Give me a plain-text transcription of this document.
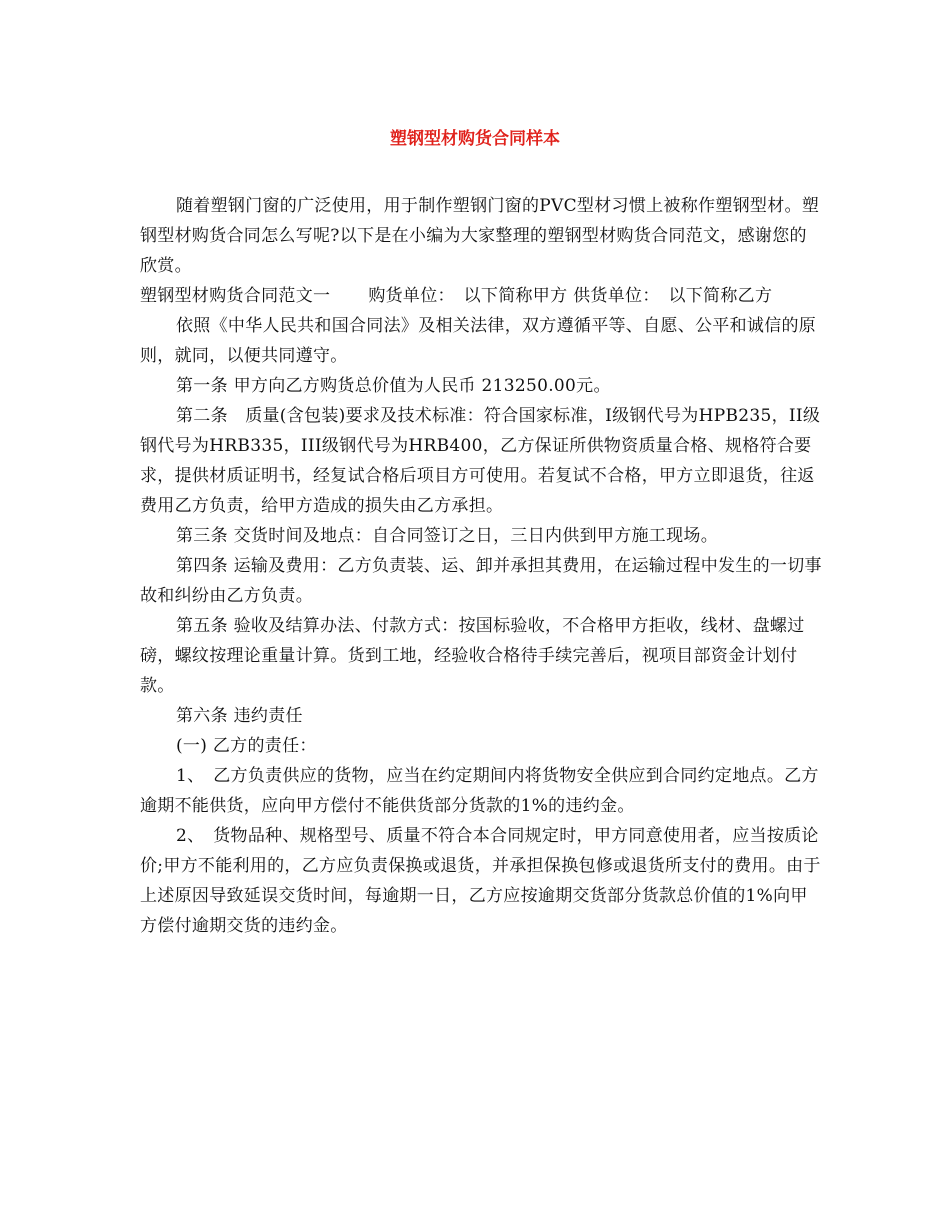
塑钢型材购货合同样本

随着塑钢门窗的广泛使用，用于制作塑钢门窗的PVC型材习惯上被称作塑钢型材。塑钢型材购货合同怎么写呢?以下是在小编为大家整理的塑钢型材购货合同范文，感谢您的欣赏。

塑钢型材购货合同范文一 购货单位：　以下简称甲方 供货单位：　以下简称乙方

依照《中华人民共和国合同法》及相关法律，双方遵循平等、自愿、公平和诚信的原则，就同，以便共同遵守。

第一条 甲方向乙方购货总价值为人民币 213250.00元。

第二条　质量(含包装)要求及技术标准：符合国家标准，I级钢代号为HPB235，II级钢代号为HRB335，III级钢代号为HRB400，乙方保证所供物资质量合格、规格符合要求，提供材质证明书，经复试合格后项目方可使用。若复试不合格，甲方立即退货，往返费用乙方负责，给甲方造成的损失由乙方承担。

第三条 交货时间及地点：自合同签订之日，三日内供到甲方施工现场。

第四条 运输及费用：乙方负责装、运、卸并承担其费用，在运输过程中发生的一切事故和纠纷由乙方负责。

第五条 验收及结算办法、付款方式：按国标验收，不合格甲方拒收，线材、盘螺过磅，螺纹按理论重量计算。货到工地，经验收合格待手续完善后，视项目部资金计划付款。

第六条 违约责任

(一) 乙方的责任：

1、　乙方负责供应的货物，应当在约定期间内将货物安全供应到合同约定地点。乙方逾期不能供货，应向甲方偿付不能供货部分货款的1%的违约金。

2、　货物品种、规格型号、质量不符合本合同规定时，甲方同意使用者，应当按质论价;甲方不能利用的，乙方应负责保换或退货，并承担保换包修或退货所支付的费用。由于上述原因导致延误交货时间，每逾期一日，乙方应按逾期交货部分货款总价值的1%向甲方偿付逾期交货的违约金。
